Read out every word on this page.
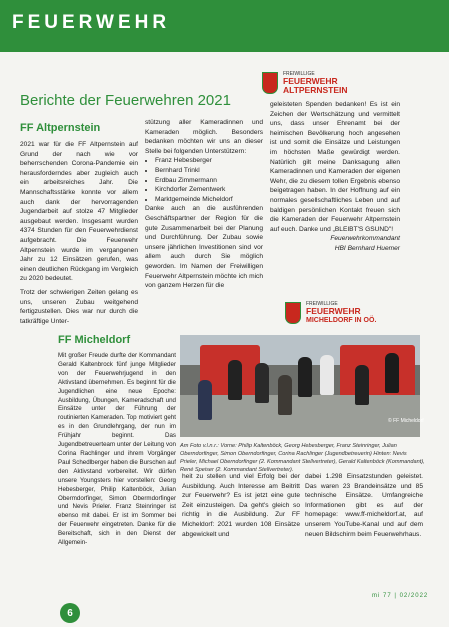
FEUERWEHR
Berichte der Feuerwehren 2021
FREIWILLIGE
FEUERWEHR
ALTPERNSTEIN
FF Altpernstein

2021 war für die FF Altpernstein auf Grund der nach wie vor beherrschenden Corona-Pandemie ein herausforderndes aber zugleich auch ein arbeitsreiches Jahr. Die Mannschaftsstärke konnte vor allem auch dank der hervorragenden Jugendarbeit auf stolze 47 Mitglieder ausgebaut werden. Insgesamt wurden 4374 Stunden für den Feuerwehrdienst aufgebracht. Die Feuerwehr Altpernstein wurde im vergangenen Jahr zu 12 Einsätzen gerufen, was einen deutlichen Rückgang im Vergleich zu 2020 bedeutet.

Trotz der schwierigen Zeiten gelang es uns, unseren Zubau weitgehend fertigzustellen. Dies war nur durch die tatkräftige Unter-

stützung aller Kameradinnen und Kameraden möglich. Besonders bedanken möchten wir uns an dieser Stelle bei folgenden Unterstützern:

• Franz Hebesberger
• Bernhard Trinkl
• Erdbau Zimmermann
• Kirchdorfer Zementwerk
• Marktgemeinde Micheldorf

Danke auch an die ausführenden Geschäftspartner der Region für die gute Zusammenarbeit bei der Planung und Durchführung. Der Zubau sowie unsere jährlichen Investitionen sind vor allem auch durch Sie möglich geworden. Im Namen der Freiwilligen Feuerwehr Altpernstein möchte ich mich von ganzem Herzen für die

geleisteten Spenden bedanken! Es ist ein Zeichen der Wertschätzung und vermittelt uns, dass unser Ehrenamt bei der heimischen Bevölkerung hoch angesehen ist und somit die Einsätze und Leistungen im höchsten Maße gewürdigt werden. Natürlich gilt meine Danksagung allen Kameradinnen und Kameraden der eigenen Wehr, die zu diesem tollen Ergebnis ebenso beigetragen haben. In der Hoffnung auf ein normales gesellschaftliches Leben und auf baldigen persönlichen Kontakt freuen sich die Kameraden der Feuerwehr Altpernstein auf euch. Danke und „BLEIBT'S GSUND"!

Feuerwehrkommandant

HBI Bernhard Huemer

FREIWILLIGE
FEUERWEHR
MICHELDORF IN OÖ.
FF Micheldorf

Mit großer Freude durfte der Kommandant Gerald Kaltenbrock fünf junge Mitglieder von der Feuerwehrjugend in den Aktivstand übernehmen. Es beginnt für die Jugendlichen eine neue Epoche: Ausbildung, Übungen, Kameradschaft und Einsätze unter der Führung der routinierten Kameraden. Top motiviert geht es in den Grundlehrgang, der nun im Frühjahr beginnt. Das Jugendbetreuerteam unter der Leitung von Corina Rachlinger und ihrem Vorgänger Paul Schedlberger haben die Burschen auf den Aktivstand vorbereitet. Wir dürfen unsere Youngsters hier vorstellen: Georg Hebesberger, Philip Kaltenböck, Julian Obermdorfinger, Simon Obermdorfinger und Nevis Prieler. Franz Steinringer ist ebenso mit dabei. Er ist im Sommer bei der Feuerwehr eingetreten. Danke für die Bereitschaft, sich in den Dienst der Allgemein-

© FF Micheldorf
Am Foto v.l.n.r.: Vorne: Philip Kaltenböck, Georg Hebesberger, Franz Steinringer, Julian Oberndorfinger, Simon Oberndorfinger, Corina Rachlinger (Jugendbetreuerin) Hinten: Nevis Prieler, Michael Oberndorfinger (2. Kommandant Stellvertreter), Gerald Kaltenböck (Kommandant), René Speiser (2. Kommandant Stellvertreter).

heit zu stellen und viel Erfolg bei der Ausbildung. Auch Interesse am Beitritt zur Feuerwehr? Es ist jetzt eine gute Zeit einzusteigen. Da geht's gleich so richtig in die Ausbildung. Zur FF Micheldorf: 2021 wurden 108 Einsätze abgewickelt und

dabei 1.298 Einsatzstunden geleistet. Das waren 23 Brandeinsätze und 85 technische Einsätze. Umfangreiche Informationen gibt es auf der homepage: www.ff-micheldorf.at, auf unserem YouTube-Kanal und auf dem neuen Bildschirm beim Feuerwehrhaus.

mi 77 | 02/2022
6
